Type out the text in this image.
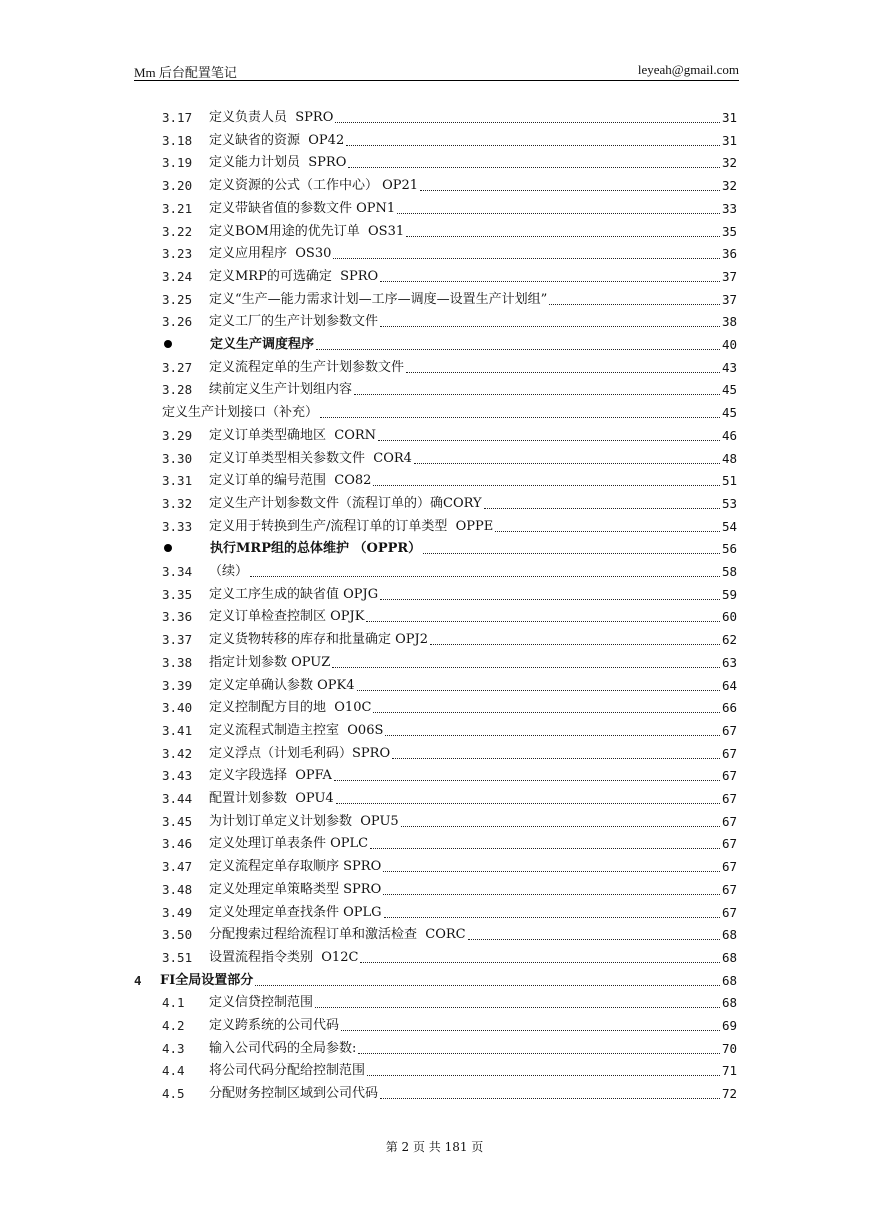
Mm 后台配置笔记	leyeah@gmail.com
3.17	定义负责人员  SPRO	31
3.18	定义缺省的资源  OP42	31
3.19	定义能力计划员  SPRO	32
3.20	定义资源的公式（工作中心） OP21	32
3.21	定义带缺省值的参数文件 OPN1	33
3.22	定义BOM用途的优先订单  OS31	35
3.23	定义应用程序  OS30	36
3.24	定义MRP的可选确定  SPRO	37
3.25	定义“生产—能力需求计划—工序—调度—设置生产计划组”	37
3.26	定义工厂的生产计划参数文件	38
定义生产调度程序	40
3.27	定义流程定单的生产计划参数文件	43
3.28	续前定义生产计划组内容	45
定义生产计划接口（补充）	45
3.29	定义订单类型确地区  CORN	46
3.30	定义订单类型相关参数文件  COR4	48
3.31	定义订单的编号范围  CO82	51
3.32	定义生产计划参数文件（流程订单的）确CORY	53
3.33	定义用于转换到生产/流程订单的订单类型  OPPE	54
执行MRP组的总体维护 （OPPR）	56
3.34	（续）	58
3.35	定义工序生成的缺省值 OPJG	59
3.36	定义订单检查控制区 OPJK	60
3.37	定义货物转移的库存和批量确定 OPJ2	62
3.38	指定计划参数 OPUZ	63
3.39	定义定单确认参数 OPK4	64
3.40	定义控制配方目的地  O10C	66
3.41	定义流程式制造主控室  O06S	67
3.42	定义浮点（计划毛利码）SPRO	67
3.43	定义字段选择  OPFA	67
3.44	配置计划参数  OPU4	67
3.45	为计划订单定义计划参数  OPU5	67
3.46	定义处理订单表条件 OPLC	67
3.47	定义流程定单存取顺序 SPRO	67
3.48	定义处理定单策略类型 SPRO	67
3.49	定义处理定单查找条件 OPLG	67
3.50	分配搜索过程给流程订单和激活检查  CORC	68
3.51	设置流程指令类别  O12C	68
4	FI全局设置部分	68
4.1	定义信贷控制范围	68
4.2	定义跨系统的公司代码	69
4.3	输入公司代码的全局参数:	70
4.4	将公司代码分配给控制范围	71
4.5	分配财务控制区域到公司代码	72
第 2 页 共 181 页
